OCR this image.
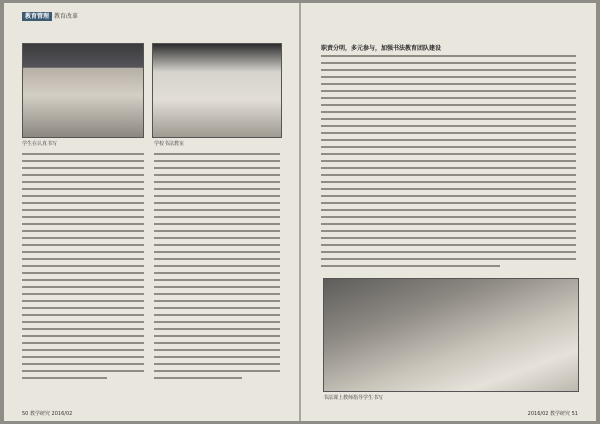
教育管理 教育改革
学生在认真书写	学校书法教室
50 教学研究 2016/02
职责分明，多元参与，加强书法教育团队建设
书法课上教师指导学生书写
2016/02 教学研究 51
